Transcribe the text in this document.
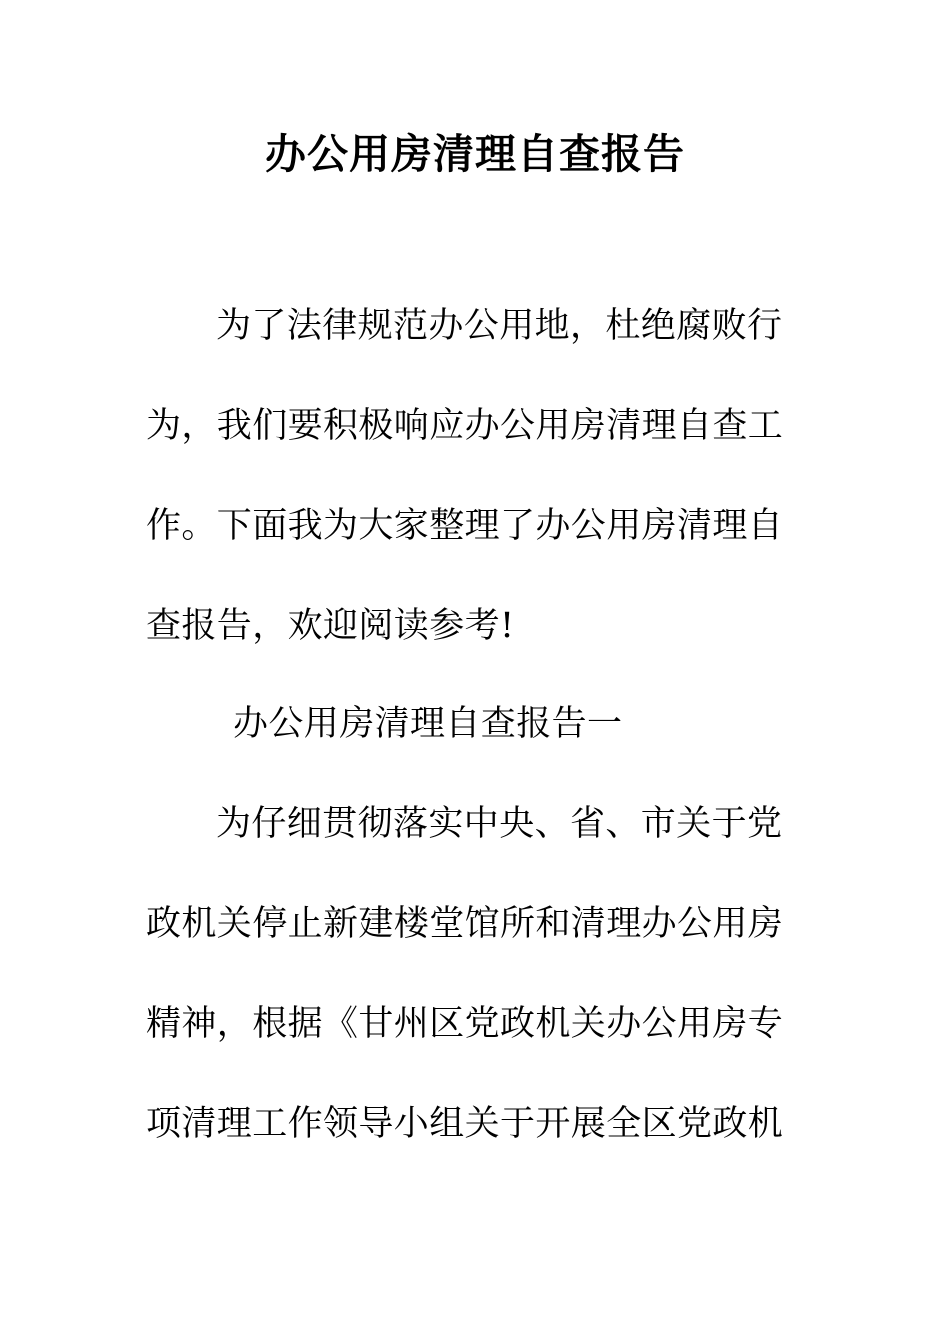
办公用房清理自查报告
为了法律规范办公用地，杜绝腐败行
为，我们要积极响应办公用房清理自查工
作。下面我为大家整理了办公用房清理自
查报告，欢迎阅读参考!
办公用房清理自查报告一
为仔细贯彻落实中央、省、市关于党
政机关停止新建楼堂馆所和清理办公用房
精神，根据《甘州区党政机关办公用房专
项清理工作领导小组关于开展全区党政机
